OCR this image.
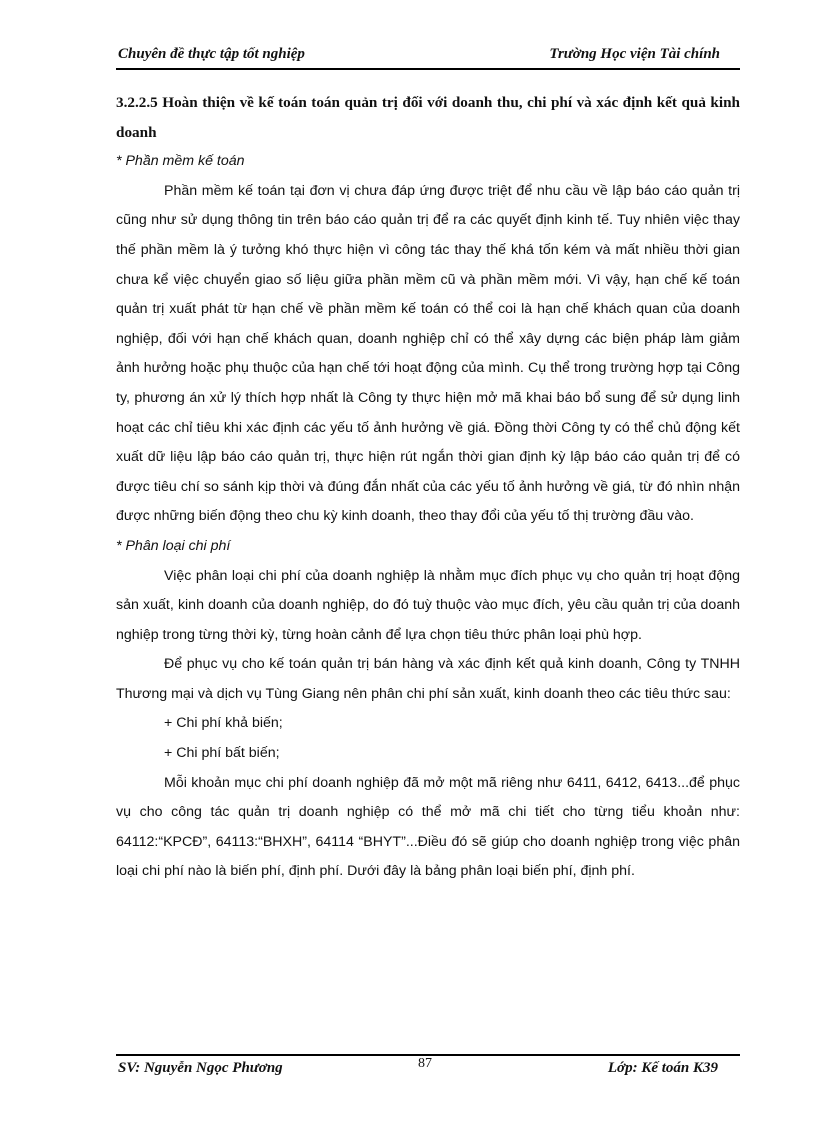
Chuyên đề thực tập tốt nghiệp	Trường Học viện Tài chính

3.2.2.5 Hoàn thiện về kế toán toán quản trị đối với doanh thu, chi phí và xác định kết quả kinh doanh

* Phần mềm kế toán

Phần mềm kế toán tại đơn vị chưa đáp ứng được triệt để nhu cầu về lập báo cáo quản trị cũng như sử dụng thông tin trên báo cáo quản trị để ra các quyết định kinh tế. Tuy nhiên việc thay thế phần mềm là ý tưởng khó thực hiện vì công tác thay thế khá tốn kém và mất nhiều thời gian chưa kể việc chuyển giao số liệu giữa phần mềm cũ và phần mềm mới. Vì vậy, hạn chế kế toán quản trị xuất phát từ hạn chế về phần mềm kế toán có thể coi là hạn chế khách quan của doanh nghiệp, đối với hạn chế khách quan, doanh nghiệp chỉ có thể xây dựng các biện pháp làm giảm ảnh hưởng hoặc phụ thuộc của hạn chế tới hoạt động của mình. Cụ thể trong trường hợp tại Công ty, phương án xử lý thích hợp nhất là Công ty thực hiện mở mã khai báo bổ sung để sử dụng linh hoạt các chỉ tiêu khi xác định các yếu tố ảnh hưởng về giá. Đồng thời Công ty có thể chủ động kết xuất dữ liệu lập báo cáo quản trị, thực hiện rút ngắn thời gian định kỳ lập báo cáo quản trị để có được tiêu chí so sánh kịp thời và đúng đắn nhất của các yếu tố ảnh hưởng về giá, từ đó nhìn nhận được những biến động theo chu kỳ kinh doanh, theo thay đổi của yếu tố thị trường đầu vào.

* Phân loại chi phí

Việc phân loại chi phí của doanh nghiệp là nhằm mục đích phục vụ cho quản trị hoạt động sản xuất, kinh doanh của doanh nghiệp, do đó tuỳ thuộc vào mục đích, yêu cầu quản trị của doanh nghiệp trong từng thời kỳ, từng hoàn cảnh để lựa chọn tiêu thức phân loại phù hợp.

Để phục vụ cho kế toán quản trị bán hàng và xác định kết quả kinh doanh, Công ty TNHH Thương mại và dịch vụ Tùng Giang nên phân chi phí sản xuất, kinh doanh theo các tiêu thức sau:

+ Chi phí khả biến;

+ Chi phí bất biến;

Mỗi khoản mục chi phí doanh nghiệp đã mở một mã riêng như 6411, 6412, 6413...để phục vụ cho công tác quản trị doanh nghiệp có thể mở mã chi tiết cho từng tiểu khoản như: 64112:“KPCĐ”, 64113:“BHXH”, 64114 “BHYT”...Điều đó sẽ giúp cho doanh nghiệp trong việc phân loại chi phí nào là biến phí, định phí. Dưới đây là bảng phân loại biến phí, định phí.

SV: Nguyễn Ngọc Phương	87	Lớp: Kế toán K39
